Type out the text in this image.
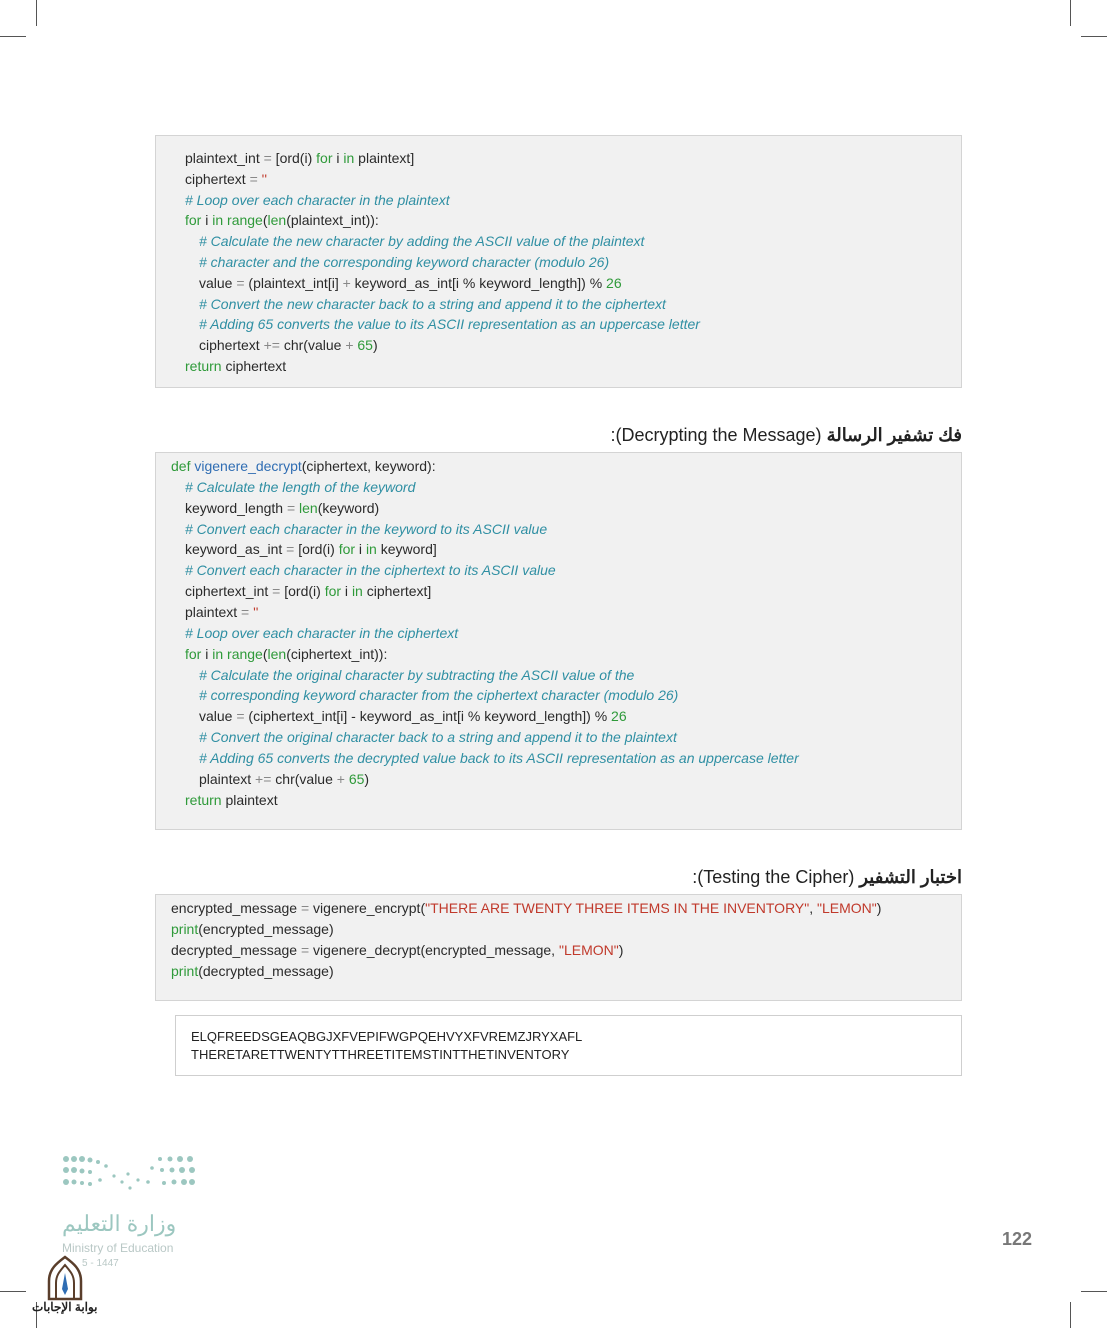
plaintext_int = [ord(i) for i in plaintext]
ciphertext = ''
# Loop over each character in the plaintext
for i in range(len(plaintext_int)):
# Calculate the new character by adding the ASCII value of the plaintext
# character and the corresponding keyword character (modulo 26)
value = (plaintext_int[i] + keyword_as_int[i % keyword_length]) % 26
# Convert the new character back to a string and append it to the ciphertext
# Adding 65 converts the value to its ASCII representation as an uppercase letter
ciphertext += chr(value + 65)
return ciphertext
:(Decrypting the Message) فك تشفير الرسالة
def vigenere_decrypt(ciphertext, keyword):
# Calculate the length of the keyword
keyword_length = len(keyword)
# Convert each character in the keyword to its ASCII value
keyword_as_int = [ord(i) for i in keyword]
# Convert each character in the ciphertext to its ASCII value
ciphertext_int = [ord(i) for i in ciphertext]
plaintext = ''
# Loop over each character in the ciphertext
for i in range(len(ciphertext_int)):
# Calculate the original character by subtracting the ASCII value of the
# corresponding keyword character from the ciphertext character (modulo 26)
value = (ciphertext_int[i] - keyword_as_int[i % keyword_length]) % 26
# Convert the original character back to a string and append it to the plaintext
# Adding 65 converts the decrypted value back to its ASCII representation as an uppercase letter
plaintext += chr(value + 65)
return plaintext
:(Testing the Cipher) اختبار التشفير
encrypted_message = vigenere_encrypt("THERE ARE TWENTY THREE ITEMS IN THE INVENTORY", "LEMON")
print(encrypted_message)
decrypted_message = vigenere_decrypt(encrypted_message, "LEMON")
print(decrypted_message)
ELQFREEDSGEAQBGJXFVEPIFWGPQEHVYXFVREMZJRYXAFL
THERETARETTWENTYTTHREETITEMSTINTTHETINVENTORY
وزارة التعليم
Ministry of Education
5 - 1447
بوابة الإجابات
122
